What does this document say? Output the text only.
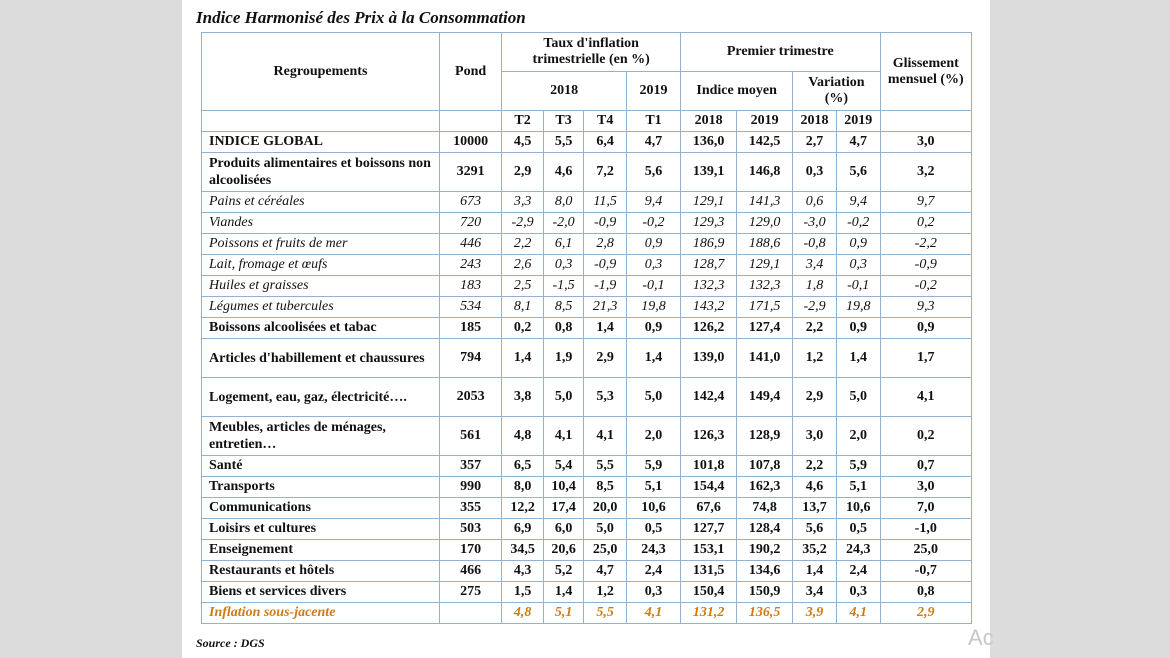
Indice Harmonisé des Prix à la Consommation
Regroupements	Pond	Taux d'inflation trimestrielle (en %)				Premier trimestre				Glissement mensuel (%)
		2018			2019	Indice moyen		Variation (%)		
		T2	T3	T4	T1	2018	2019	2018	2019	
INDICE GLOBAL	10000	4,5	5,5	6,4	4,7	136,0	142,5	2,7	4,7	3,0
Produits alimentaires et boissons non alcoolisées	3291	2,9	4,6	7,2	5,6	139,1	146,8	0,3	5,6	3,2
Pains et céréales	673	3,3	8,0	11,5	9,4	129,1	141,3	0,6	9,4	9,7
Viandes	720	-2,9	-2,0	-0,9	-0,2	129,3	129,0	-3,0	-0,2	0,2
Poissons et fruits de mer	446	2,2	6,1	2,8	0,9	186,9	188,6	-0,8	0,9	-2,2
Lait, fromage et œufs	243	2,6	0,3	-0,9	0,3	128,7	129,1	3,4	0,3	-0,9
Huiles et graisses	183	2,5	-1,5	-1,9	-0,1	132,3	132,3	1,8	-0,1	-0,2
Légumes et tubercules	534	8,1	8,5	21,3	19,8	143,2	171,5	-2,9	19,8	9,3
Boissons alcoolisées et tabac	185	0,2	0,8	1,4	0,9	126,2	127,4	2,2	0,9	0,9
Articles d'habillement et chaussures	794	1,4	1,9	2,9	1,4	139,0	141,0	1,2	1,4	1,7
Logement, eau, gaz, électricité….	2053	3,8	5,0	5,3	5,0	142,4	149,4	2,9	5,0	4,1
Meubles, articles de ménages, entretien…	561	4,8	4,1	4,1	2,0	126,3	128,9	3,0	2,0	0,2
Santé	357	6,5	5,4	5,5	5,9	101,8	107,8	2,2	5,9	0,7
Transports	990	8,0	10,4	8,5	5,1	154,4	162,3	4,6	5,1	3,0
Communications	355	12,2	17,4	20,0	10,6	67,6	74,8	13,7	10,6	7,0
Loisirs et cultures	503	6,9	6,0	5,0	0,5	127,7	128,4	5,6	0,5	-1,0
Enseignement	170	34,5	20,6	25,0	24,3	153,1	190,2	35,2	24,3	25,0
Restaurants et hôtels	466	4,3	5,2	4,7	2,4	131,5	134,6	1,4	2,4	-0,7
Biens et services divers	275	1,5	1,4	1,2	0,3	150,4	150,9	3,4	0,3	0,8
Inflation sous-jacente		4,8	5,1	5,5	4,1	131,2	136,5	3,9	4,1	2,9
Source : DGS	Ac
